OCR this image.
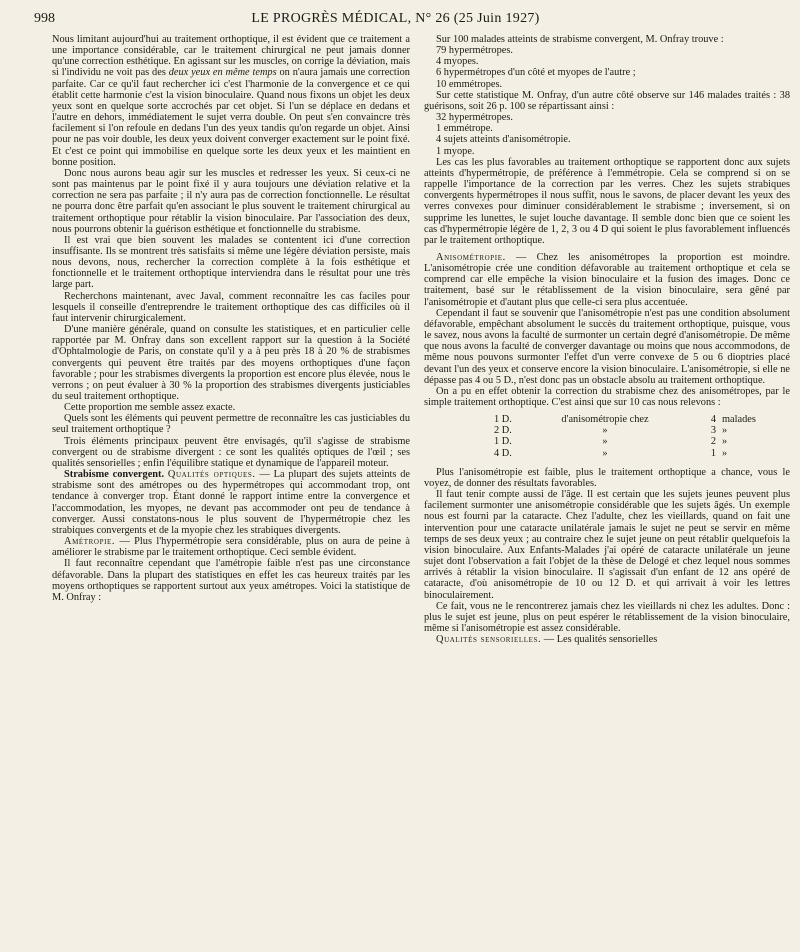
998	LE PROGRÈS MÉDICAL, N° 26 (25 Juin 1927)

Nous limitant aujourd'hui au traitement orthoptique, il est évident que ce traitement a une importance considérable, car le traitement chirurgical ne peut jamais donner qu'une correction esthétique. En agissant sur les muscles, on corrige la déviation, mais si l'individu ne voit pas des deux yeux en même temps on n'aura jamais une correction parfaite. Car ce qu'il faut rechercher ici c'est l'harmonie de la convergence et ce qui établit cette harmonie c'est la vision binoculaire. Quand nous fixons un objet les deux yeux sont en quelque sorte accrochés par cet objet. Si l'un se déplace en dedans et l'autre en dehors, immédiatement le sujet verra double. On peut s'en convaincre très facilement si l'on refoule en dedans l'un des yeux tandis qu'on regarde un objet. Ainsi pour ne pas voir double, les deux yeux doivent converger exactement sur le point fixé. Et c'est ce point qui immobilise en quelque sorte les deux yeux et les maintient en bonne position.

Donc nous aurons beau agir sur les muscles et redresser les yeux. Si ceux-ci ne sont pas maintenus par le point fixé il y aura toujours une déviation relative et la correction ne sera pas parfaite ; il n'y aura pas de correction fonctionnelle. Le résultat ne pourra donc être parfait qu'en associant le plus souvent le traitement chirurgical au traitement orthoptique pour rétablir la vision binoculaire. Par l'association des deux, nous pourrons obtenir la guérison esthétique et fonctionnelle du strabisme.

Il est vrai que bien souvent les malades se contentent ici d'une correction insuffisante. Ils se montrent très satisfaits si même une légère déviation persiste, mais nous devons, nous, rechercher la correction complète à la fois esthétique et fonctionnelle et le traitement orthoptique interviendra dans le résultat pour une très large part.

Recherchons maintenant, avec Javal, comment reconnaître les cas faciles pour lesquels il conseille d'entreprendre le traitement orthoptique des cas difficiles où il faut intervenir chirurgicalement.

D'une manière générale, quand on consulte les statistiques, et en particulier celle rapportée par M. Onfray dans son excellent rapport sur la question à la Société d'Ophtalmologie de Paris, on constate qu'il y a à peu près 18 à 20 % de strabismes convergents qui peuvent être traités par des moyens orthoptiques d'une façon favorable ; pour les strabismes divergents la proportion est encore plus élevée, nous le verrons ; on peut évaluer à 30 % la proportion des strabismes divergents justiciables du seul traitement orthoptique.

Cette proportion me semble assez exacte.

Quels sont les éléments qui peuvent permettre de reconnaître les cas justiciables du seul traitement orthoptique ?

Trois éléments principaux peuvent être envisagés, qu'il s'agisse de strabisme convergent ou de strabisme divergent : ce sont les qualités optiques de l'œil ; ses qualités sensorielles ; enfin l'équilibre statique et dynamique de l'appareil moteur.

Strabisme convergent. Qualités optiques. — La plupart des sujets atteints de strabisme sont des amétropes ou des hypermétropes qui accommodant trop, ont tendance à converger trop. Étant donné le rapport intime entre la convergence et l'accommodation, les myopes, ne devant pas accommoder ont peu de tendance à converger. Aussi constatons-nous le plus souvent de l'hypermétropie chez les strabiques convergents et de la myopie chez les strabiques divergents.

Amétropie. — Plus l'hypermétropie sera considérable, plus on aura de peine à améliorer le strabisme par le traitement orthoptique. Ceci semble évident.

Il faut reconnaître cependant que l'amétropie faible n'est pas une circonstance défavorable. Dans la plupart des statistiques en effet les cas heureux traités par les moyens orthoptiques se rapportent surtout aux yeux amétropes. Voici la statistique de M. Onfray :

Sur 100 malades atteints de strabisme convergent, M. Onfray trouve :

79 hypermétropes.

4 myopes.

6 hypermétropes d'un côté et myopes de l'autre ;

10 emmétropes.

Sur cette statistique M. Onfray, d'un autre côté observe sur 146 malades traités : 38 guérisons, soit 26 p. 100 se répartissant ainsi :

32 hypermétropes.

1 emmétrope.

4 sujets atteints d'anisométropie.

1 myope.

Les cas les plus favorables au traitement orthoptique se rapportent donc aux sujets atteints d'hypermétropie, de préférence à l'emmétropie. Cela se comprend si on se rappelle l'importance de la correction par les verres. Chez les sujets strabiques convergents hypermétropes il nous suffit, nous le savons, de placer devant les yeux des verres convexes pour diminuer considérablement le strabisme ; inversement, si on supprime les lunettes, le sujet louche davantage. Il semble donc bien que ce soient les cas d'hypermétropie légère de 1, 2, 3 ou 4 D qui soient le plus favorablement influencés par le traitement orthoptique.

Anisométropie. — Chez les anisométropes la proportion est moindre. L'anisométropie crée une condition défavorable au traitement orthoptique et cela se comprend car elle empêche la vision binoculaire et la fusion des images. Donc ce traitement, basé sur le rétablissement de la vision binoculaire, sera gêné par l'anisométropie et d'autant plus que celle-ci sera plus accentuée.

Cependant il faut se souvenir que l'anisométropie n'est pas une condition absolument défavorable, empêchant absolument le succès du traitement orthoptique, puisque, vous le savez, nous avons la faculté de surmonter un certain degré d'anisométropie. De même que nous avons la faculté de converger davantage ou moins que nous accommodons, de même nous pouvons surmonter l'effet d'un verre convexe de 5 ou 6 dioptries placé devant l'un des yeux et conserve encore la vision binoculaire. L'anisométropie, si elle ne dépasse pas 4 ou 5 D., n'est donc pas un obstacle absolu au traitement orthoptique.

On a pu en effet obtenir la correction du strabisme chez des anisométropes, par le simple traitement orthoptique. C'est ainsi que sur 10 cas nous relevons :

1 D.	d'anisométropie chez	4	malades
2 D.	»	3	»
1 D.	»	2	»
4 D.	»	1	»

Plus l'anisométropie est faible, plus le traitement orthoptique a chance, vous le voyez, de donner des résultats favorables.

Il faut tenir compte aussi de l'âge. Il est certain que les sujets jeunes peuvent plus facilement surmonter une anisométropie considérable que les sujets âgés. Un exemple nous est fourni par la cataracte. Chez l'adulte, chez les vieillards, quand on fait une intervention pour une cataracte unilatérale jamais le sujet ne peut se servir en même temps de ses deux yeux ; au contraire chez le sujet jeune on peut rétablir quelquefois la vision binoculaire. Aux Enfants-Malades j'ai opéré de cataracte unilatérale un jeune sujet dont l'observation a fait l'objet de la thèse de Delogé et chez lequel nous sommes arrivés à rétablir la vision binoculaire. Il s'agissait d'un enfant de 12 ans opéré de cataracte, d'où anisométropie de 10 ou 12 D. et qui arrivait à voir les lettres binoculairement.

Ce fait, vous ne le rencontrerez jamais chez les vieillards ni chez les adultes. Donc : plus le sujet est jeune, plus on peut espérer le rétablissement de la vision binoculaire, même si l'anisométropie est assez considérable.

Qualités sensorielles. — Les qualités sensorielles
